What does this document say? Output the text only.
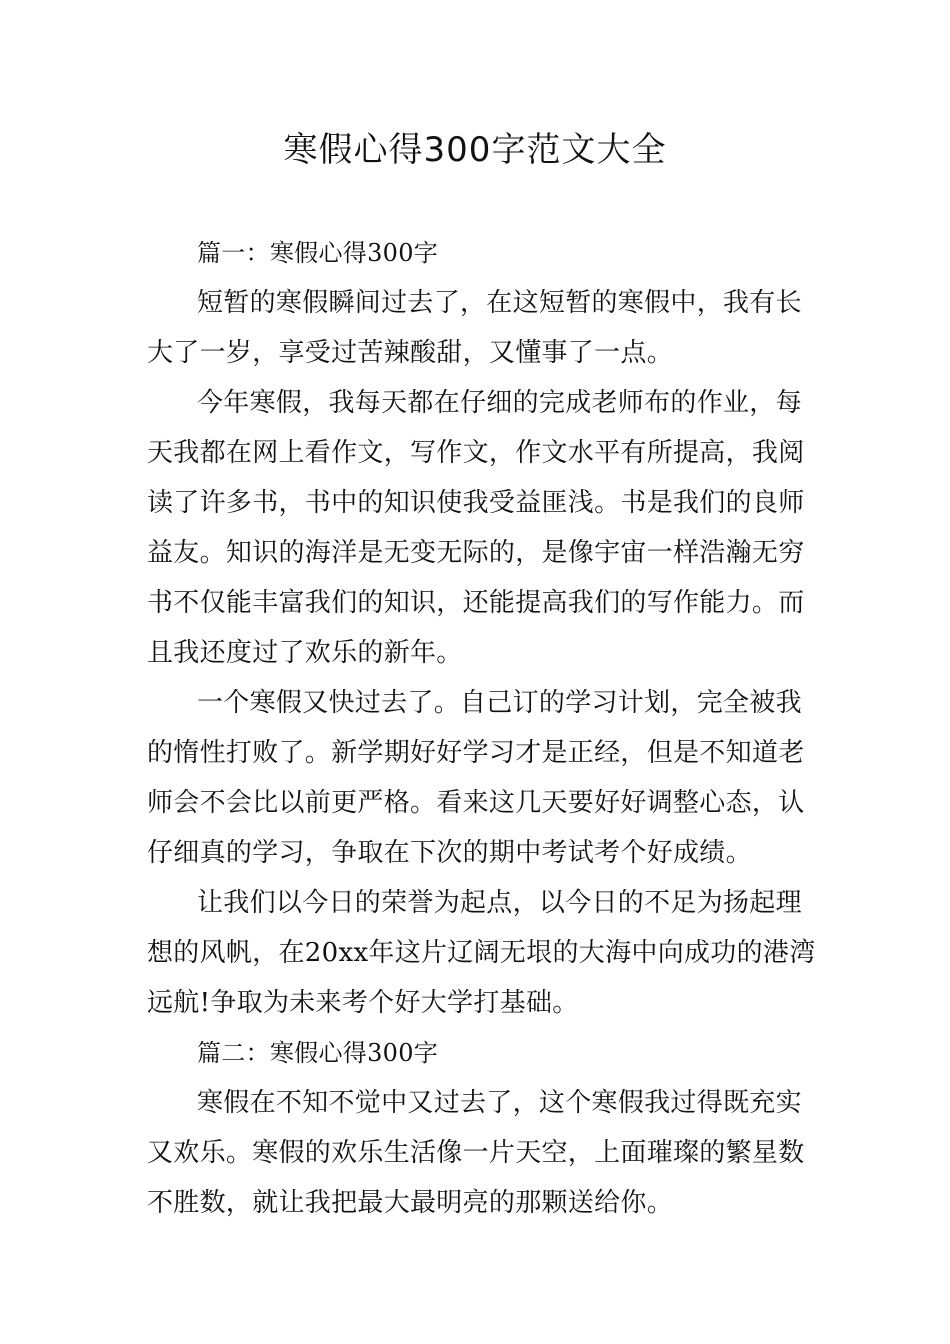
寒假心得300字范文大全
篇一：寒假心得300字
短暂的寒假瞬间过去了，在这短暂的寒假中，我有长
大了一岁，享受过苦辣酸甜，又懂事了一点。
今年寒假，我每天都在仔细的完成老师布的作业，每
天我都在网上看作文，写作文，作文水平有所提高，我阅
读了许多书，书中的知识使我受益匪浅。书是我们的良师
益友。知识的海洋是无变无际的，是像宇宙一样浩瀚无穷
书不仅能丰富我们的知识，还能提高我们的写作能力。而
且我还度过了欢乐的新年。
一个寒假又快过去了。自己订的学习计划，完全被我
的惰性打败了。新学期好好学习才是正经，但是不知道老
师会不会比以前更严格。看来这几天要好好调整心态，认
仔细真的学习，争取在下次的期中考试考个好成绩。
让我们以今日的荣誉为起点，以今日的不足为扬起理
想的风帆，在20xx年这片辽阔无垠的大海中向成功的港湾
远航!争取为未来考个好大学打基础。
篇二：寒假心得300字
寒假在不知不觉中又过去了，这个寒假我过得既充实
又欢乐。寒假的欢乐生活像一片天空，上面璀璨的繁星数
不胜数，就让我把最大最明亮的那颗送给你。
